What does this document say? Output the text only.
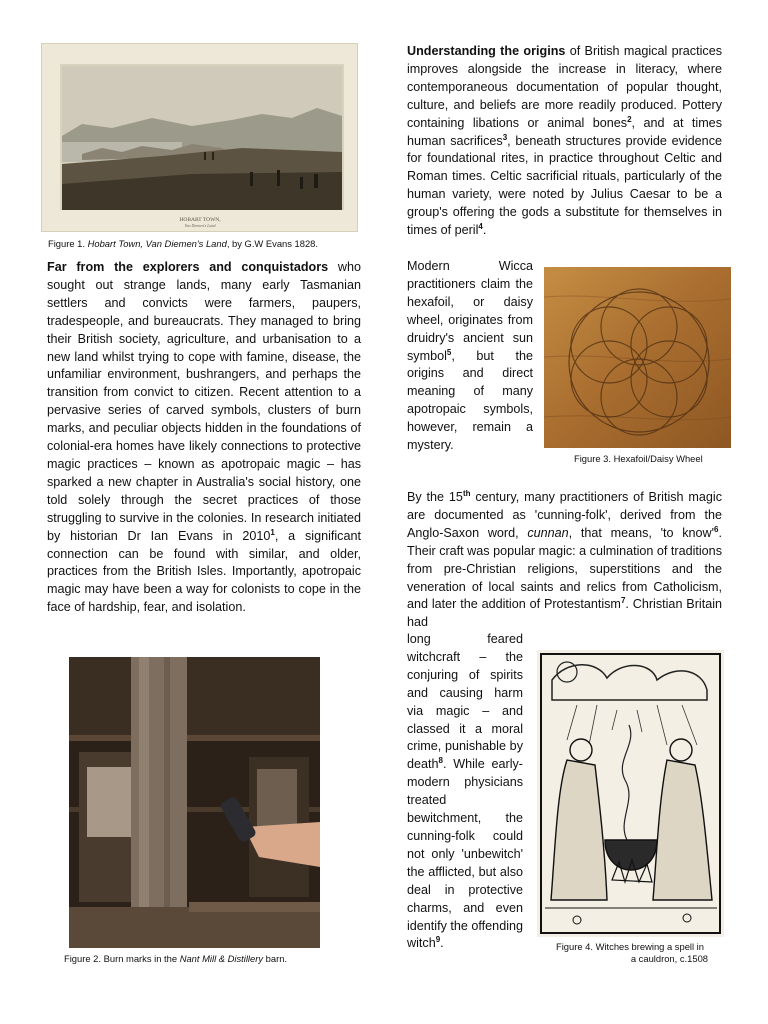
HOBART TOWN,
Van Diemen's Land
Figure 1. Hobart Town, Van Diemen's Land, by G.W Evans 1828.
Far from the explorers and conquistadors who sought out strange lands, many early Tasmanian settlers and convicts were farmers, paupers, tradespeople, and bureaucrats. They managed to bring their British society, agriculture, and urbanisation to a new land whilst trying to cope with famine, disease, the unfamiliar environment, bushrangers, and perhaps the transition from convict to citizen. Recent attention to a pervasive series of carved symbols, clusters of burn marks, and peculiar objects hidden in the foundations of colonial-era homes have likely connections to protective magic practices – known as apotropaic magic – has sparked a new chapter in Australia's social history, one told solely through the secret practices of those struggling to survive in the colonies. In research initiated by historian Dr Ian Evans in 2010$^1$, a significant connection can be found with similar, and older, practices from the British Isles. Importantly, apotropaic magic may have been a way for colonists to cope in the face of hardship, fear, and isolation.
Figure 2. Burn marks in the Nant Mill & Distillery barn.
Understanding the origins of British magical practices improves alongside the increase in literacy, where contemporaneous documentation of popular thought, culture, and beliefs are more readily produced. Pottery containing libations or animal bones$^2$, and at times human sacrifices$^3$, beneath structures provide evidence for foundational rites, in practice throughout Celtic and Roman times. Celtic sacrificial rituals, particularly of the human variety, were noted by Julius Caesar to be a group's offering the gods a substitute for themselves in times of peril$^4$.
Modern Wicca practitioners claim the hexafoil, or daisy wheel, originates from druidry's ancient sun symbol$^5$, but the origins and direct meaning of many apotropaic symbols, however, remain a mystery.
Figure 3. Hexafoil/Daisy Wheel
By the 15th century, many practitioners of British magic are documented as 'cunning-folk', derived from the Anglo-Saxon word, cunnan, that means, 'to $know'^6$. Their craft was popular magic: a culmination of traditions from pre-Christian religions, superstitions and the veneration of local saints and relics from Catholicism, and later the addition of Protestantism$^7$. Christian Britain had
long feared witchcraft – the conjuring of spirits and causing harm via magic – and classed it a moral crime, punishable by death$^8$. While early-modern physicians treated bewitchment, the cunning-folk could not only 'unbewitch' the afflicted, but also deal in protective charms, and even identify the offending witch$^9$.	Figure 4. Witches brewing a spell in
a cauldron, c.1508
